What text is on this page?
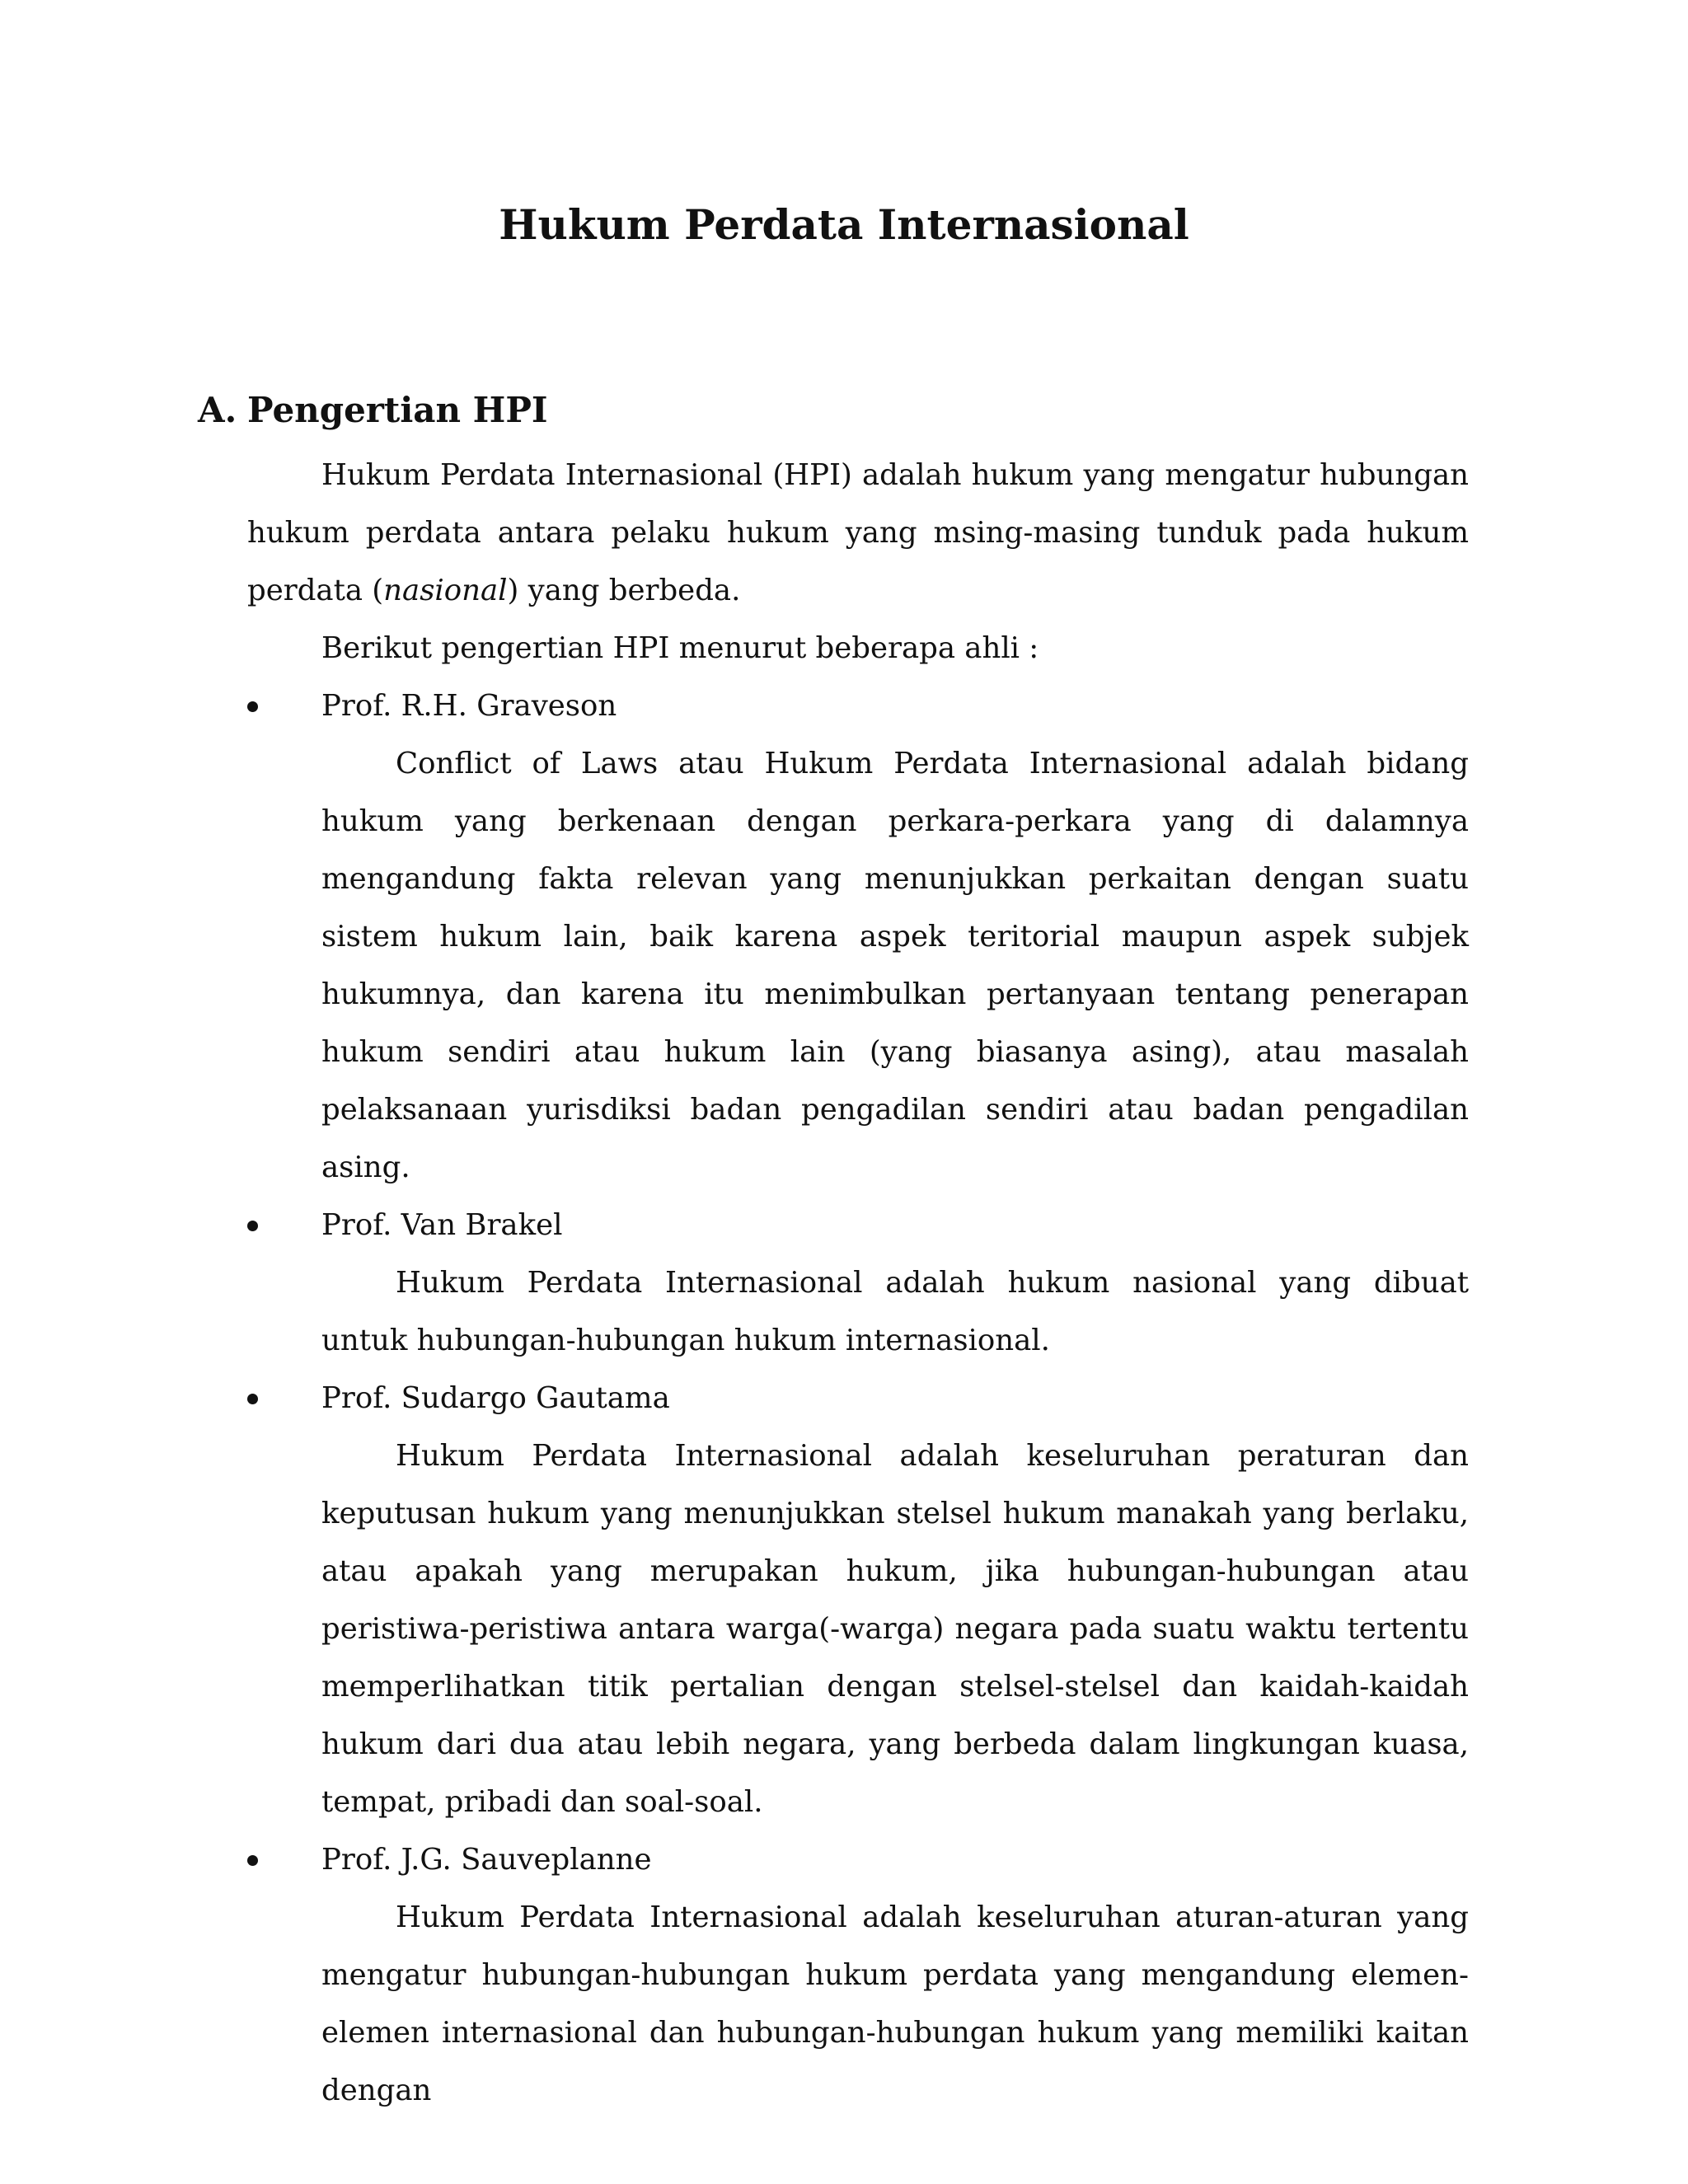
Hukum Perdata Internasional
A. Pengertian HPI

Hukum Perdata Internasional (HPI) adalah hukum yang mengatur hubungan hukum perdata antara pelaku hukum yang msing-masing tunduk pada hukum perdata (nasional) yang berbeda.

Berikut pengertian HPI menurut beberapa ahli :

Prof. R.H. Graveson

Conflict of Laws atau Hukum Perdata Internasional adalah bidang hukum yang berkenaan dengan perkara-perkara yang di dalamnya mengandung fakta relevan yang menunjukkan perkaitan dengan suatu sistem hukum lain, baik karena aspek teritorial maupun aspek subjek hukumnya, dan karena itu menimbulkan pertanyaan tentang penerapan hukum sendiri atau hukum lain (yang biasanya asing), atau masalah pelaksanaan yurisdiksi badan pengadilan sendiri atau badan pengadilan asing.

Prof. Van Brakel

Hukum Perdata Internasional adalah hukum nasional yang dibuat untuk hubungan-hubungan hukum internasional.

Prof. Sudargo Gautama

Hukum Perdata Internasional adalah keseluruhan peraturan dan keputusan hukum yang menunjukkan stelsel hukum manakah yang berlaku, atau apakah yang merupakan hukum, jika hubungan-hubungan atau peristiwa-peristiwa antara warga(-warga) negara pada suatu waktu tertentu memperlihatkan titik pertalian dengan stelsel-stelsel dan kaidah-kaidah hukum dari dua atau lebih negara, yang berbeda dalam lingkungan kuasa, tempat, pribadi dan soal-soal.

Prof. J.G. Sauveplanne

Hukum Perdata Internasional adalah keseluruhan aturan-aturan yang mengatur hubungan-hubungan hukum perdata yang mengandung elemen-elemen internasional dan hubungan-hubungan hukum yang memiliki kaitan dengan
